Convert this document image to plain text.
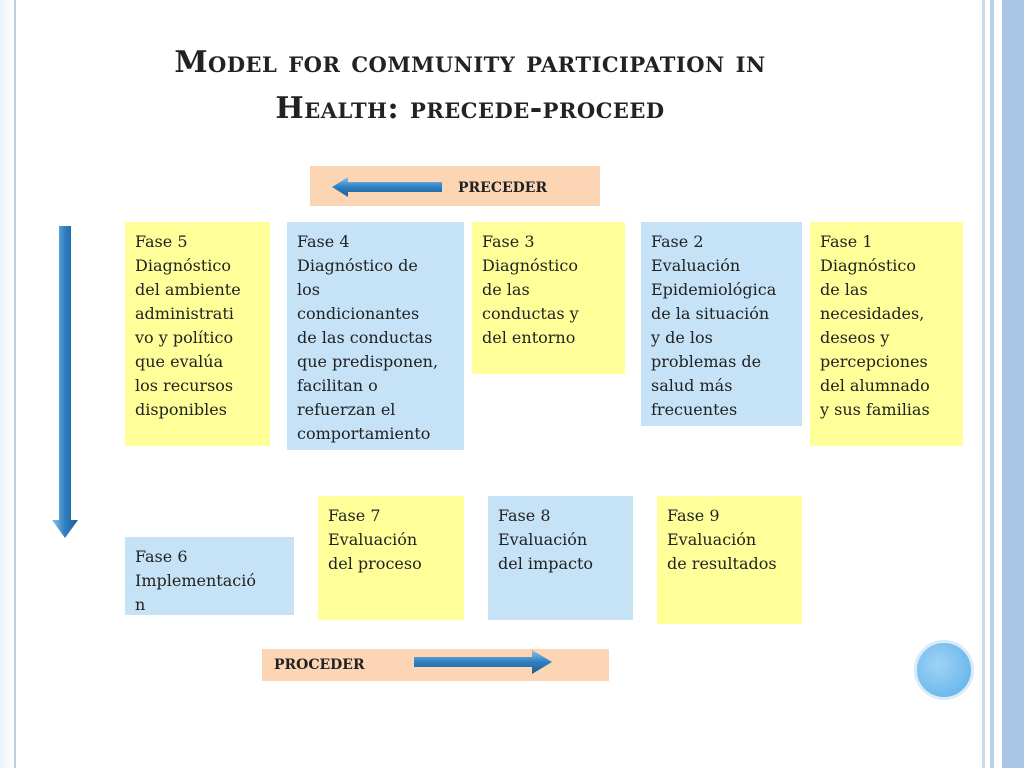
Model for community participation in
Health: precede-proceed
PRECEDER
Fase 5
Diagnóstico
del ambiente
administrati
vo y político
que evalúa
los recursos
disponibles
Fase 4
Diagnóstico de
los
condicionantes
de las conductas
que predisponen,
facilitan o
refuerzan el
comportamiento
Fase 3
Diagnóstico
de las
conductas y
del entorno
Fase 2
Evaluación
Epidemiológica
de la situación
y de los
problemas de
salud más
frecuentes
Fase 1
Diagnóstico
de las
necesidades,
deseos y
percepciones
del alumnado
y sus familias
Fase 6
Implementació
n
Fase 7
Evaluación
del proceso
Fase 8
Evaluación
del impacto
Fase 9
Evaluación
de resultados
PROCEDER
